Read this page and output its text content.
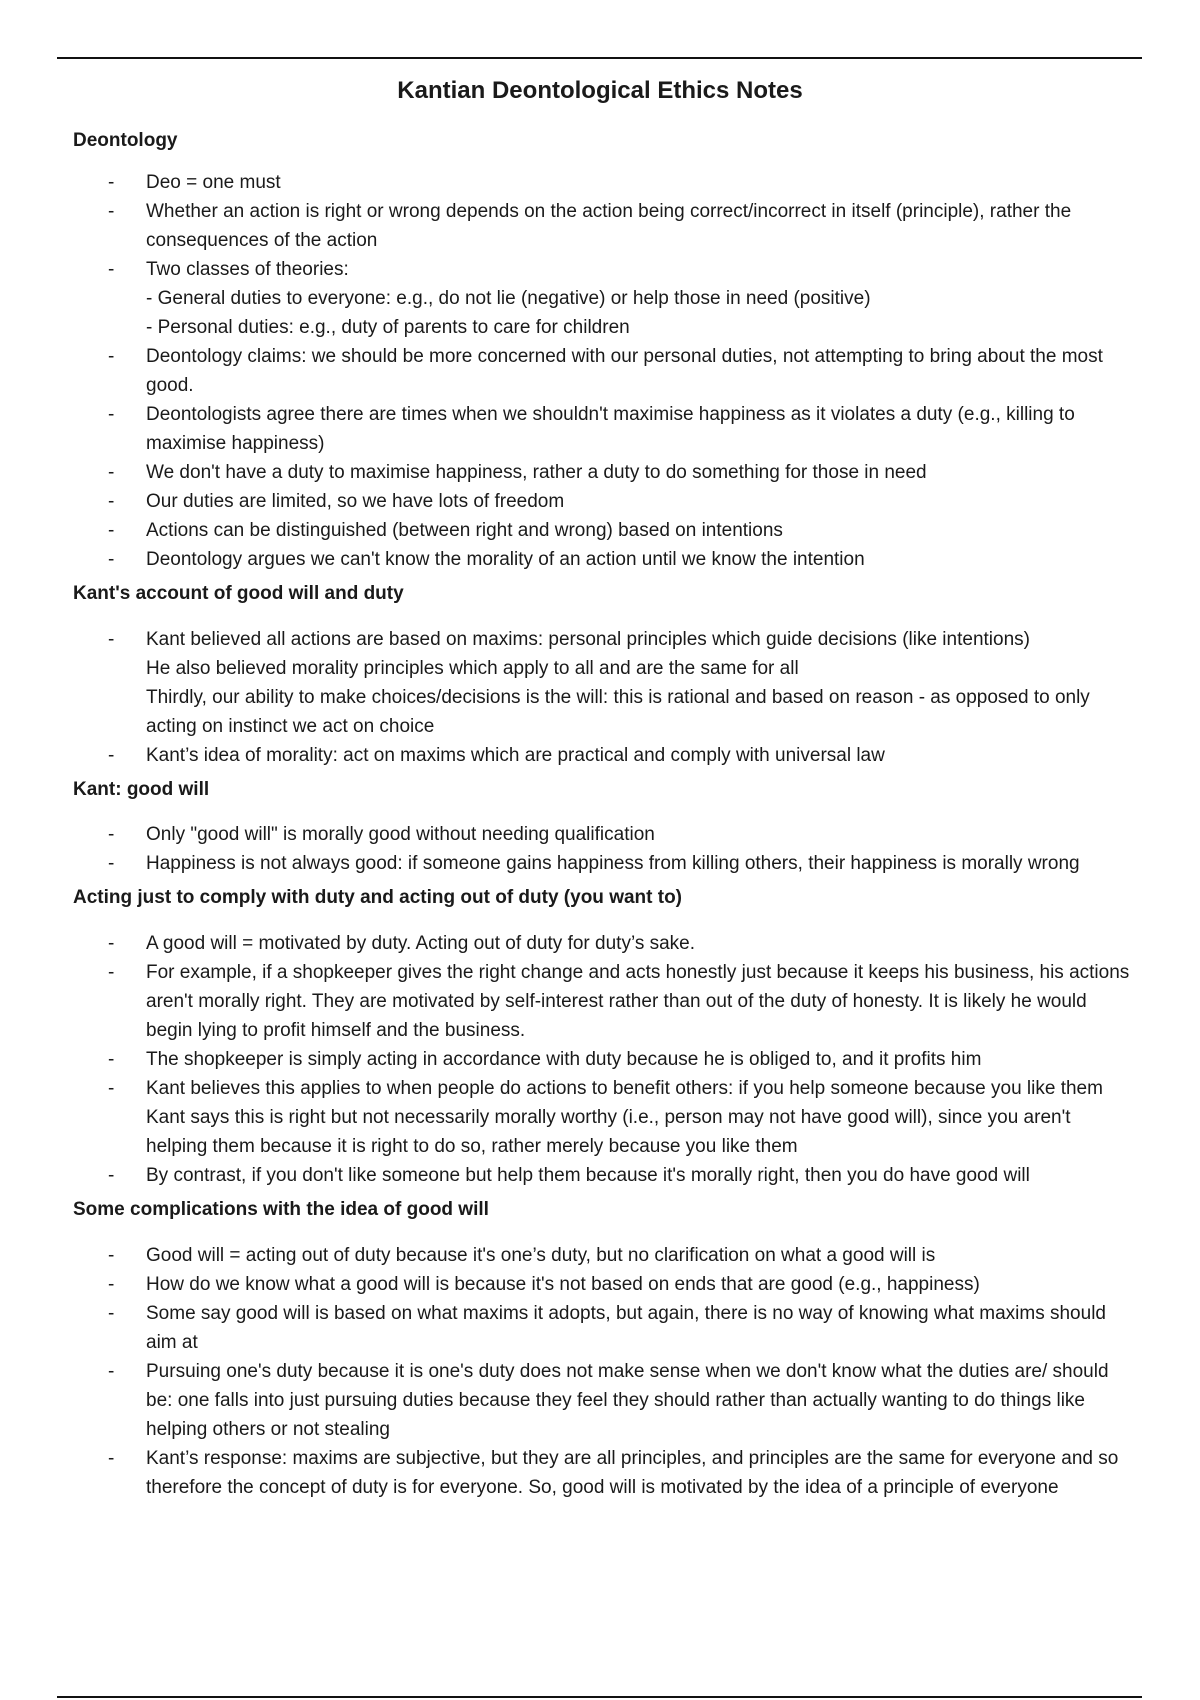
Kantian Deontological Ethics Notes
Deontology
- Deo = one must
- Whether an action is right or wrong depends on the action being correct/incorrect in itself (principle), rather the consequences of the action
- Two classes of theories:
- General duties to everyone: e.g., do not lie (negative) or help those in need (positive)
- Personal duties: e.g., duty of parents to care for children
- Deontology claims: we should be more concerned with our personal duties, not attempting to bring about the most good.
- Deontologists agree there are times when we shouldn't maximise happiness as it violates a duty (e.g., killing to maximise happiness)
- We don't have a duty to maximise happiness, rather a duty to do something for those in need
- Our duties are limited, so we have lots of freedom
- Actions can be distinguished (between right and wrong) based on intentions
- Deontology argues we can't know the morality of an action until we know the intention
Kant's account of good will and duty
- Kant believed all actions are based on maxims: personal principles which guide decisions (like intentions)
He also believed morality principles which apply to all and are the same for all
Thirdly, our ability to make choices/decisions is the will: this is rational and based on reason - as opposed to only acting on instinct we act on choice
- Kant’s idea of morality: act on maxims which are practical and comply with universal law
Kant: good will
- Only "good will" is morally good without needing qualification
- Happiness is not always good: if someone gains happiness from killing others, their happiness is morally wrong
Acting just to comply with duty and acting out of duty (you want to)
- A good will = motivated by duty. Acting out of duty for duty’s sake.
- For example, if a shopkeeper gives the right change and acts honestly just because it keeps his business, his actions aren't morally right. They are motivated by self-interest rather than out of the duty of honesty. It is likely he would begin lying to profit himself and the business.
- The shopkeeper is simply acting in accordance with duty because he is obliged to, and it profits him
- Kant believes this applies to when people do actions to benefit others: if you help someone because you like them Kant says this is right but not necessarily morally worthy (i.e., person may not have good will), since you aren't helping them because it is right to do so, rather merely because you like them
- By contrast, if you don't like someone but help them because it's morally right, then you do have good will
Some complications with the idea of good will
- Good will = acting out of duty because it's one’s duty, but no clarification on what a good will is
- How do we know what a good will is because it's not based on ends that are good (e.g., happiness)
- Some say good will is based on what maxims it adopts, but again, there is no way of knowing what maxims should aim at
- Pursuing one's duty because it is one's duty does not make sense when we don't know what the duties are/ should be: one falls into just pursuing duties because they feel they should rather than actually wanting to do things like helping others or not stealing
- Kant’s response: maxims are subjective, but they are all principles, and principles are the same for everyone and so therefore the concept of duty is for everyone. So, good will is motivated by the idea of a principle of everyone
